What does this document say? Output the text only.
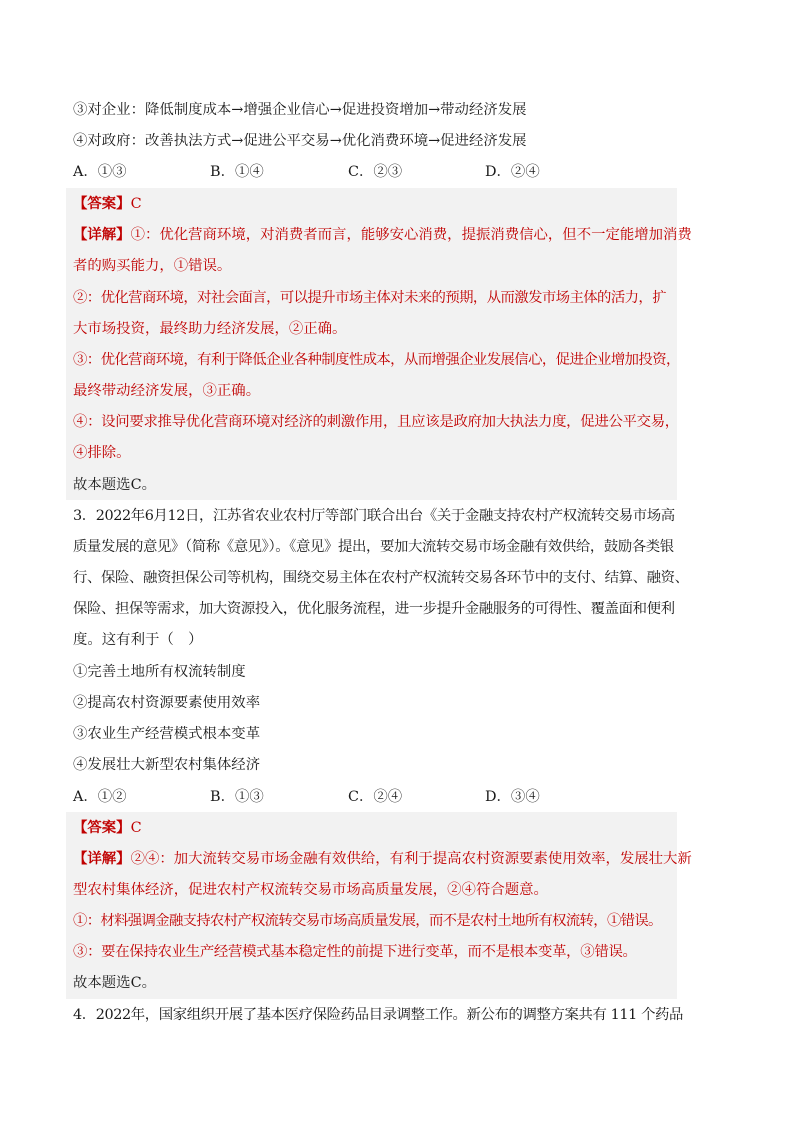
③对企业：降低制度成本→增强企业信心→促进投资增加→带动经济发展
④对政府：改善执法方式→促进公平交易→优化消费环境→促进经济发展
A．①③	B．①④	C．②③	D．②④
【答案】C
【详解】①：优化营商环境，对消费者而言，能够安心消费，提振消费信心，但不一定能增加消费
者的购买能力，①错误。
②：优化营商环境，对社会面言，可以提升市场主体对未来的预期，从而激发市场主体的活力，扩
大市场投资，最终助力经济发展，②正确。
③：优化营商环境，有利于降低企业各种制度性成本，从而增强企业发展信心，促进企业增加投资，
最终带动经济发展，③正确。
④：设问要求推导优化营商环境对经济的刺激作用，且应该是政府加大执法力度，促进公平交易，
④排除。
故本题选C。
3．2022年6月12日，江苏省农业农村厅等部门联合出台《关于金融支持农村产权流转交易市场高
质量发展的意见》（简称《意见》）。《意见》提出，要加大流转交易市场金融有效供给，鼓励各类银
行、保险、融资担保公司等机构，围绕交易主体在农村产权流转交易各环节中的支付、结算、融资、
保险、担保等需求，加大资源投入，优化服务流程，进一步提升金融服务的可得性、覆盖面和便利
度。这有利于（　）
①完善土地所有权流转制度
②提高农村资源要素使用效率
③农业生产经营模式根本变革
④发展壮大新型农村集体经济
A．①②	B．①③	C．②④	D．③④
【答案】C
【详解】②④：加大流转交易市场金融有效供给，有利于提高农村资源要素使用效率，发展壮大新
型农村集体经济，促进农村产权流转交易市场高质量发展，②④符合题意。
①：材料强调金融支持农村产权流转交易市场高质量发展，而不是农村土地所有权流转，①错误。
③：要在保持农业生产经营模式基本稳定性的前提下进行变革，而不是根本变革，③错误。
故本题选C。
4．2022年，国家组织开展了基本医疗保险药品目录调整工作。新公布的调整方案共有 111 个药品
